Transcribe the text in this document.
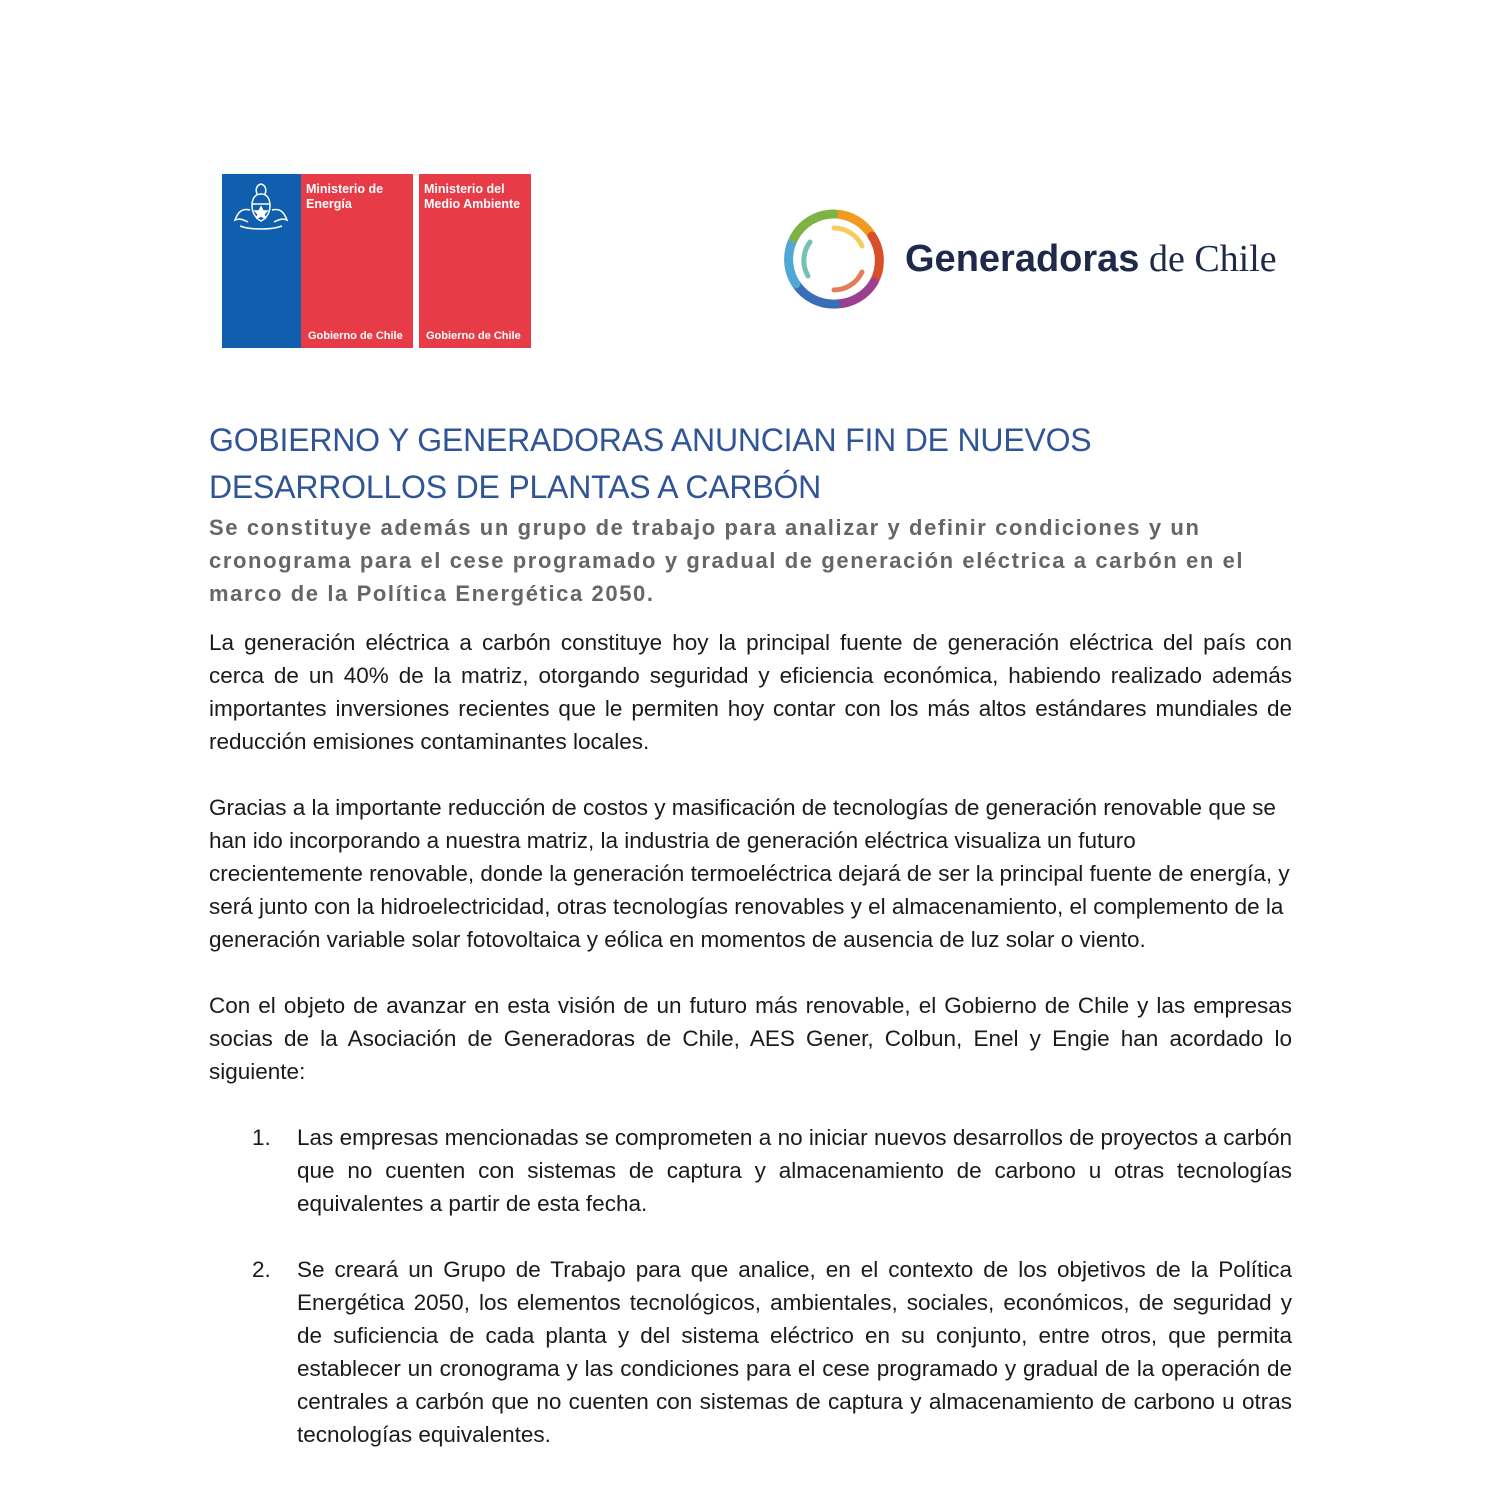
Ministerio de Energía
Gobierno de Chile
Ministerio del Medio Ambiente
Gobierno de Chile
Generadoras de Chile
GOBIERNO Y GENERADORAS ANUNCIAN FIN DE NUEVOS
DESARROLLOS DE PLANTAS A CARBÓN

Se constituye además un grupo de trabajo para analizar y definir condiciones y un cronograma para el cese programado y gradual de generación eléctrica a carbón en el marco de la Política Energética 2050.

La generación eléctrica a carbón constituye hoy la principal fuente de generación eléctrica del país con cerca de un 40% de la matriz, otorgando seguridad y eficiencia económica, habiendo realizado además importantes inversiones recientes que le permiten hoy contar con los más altos estándares mundiales de reducción emisiones contaminantes locales.

Gracias a la importante reducción de costos y masificación de tecnologías de generación renovable que se han ido incorporando a nuestra matriz, la industria de generación eléctrica visualiza un futuro crecientemente renovable, donde la generación termoeléctrica dejará de ser la principal fuente de energía, y será junto con la hidroelectricidad, otras tecnologías renovables y el almacenamiento, el complemento de la generación variable solar fotovoltaica y eólica en momentos de ausencia de luz solar o viento.

Con el objeto de avanzar en esta visión de un futuro más renovable, el Gobierno de Chile y las empresas socias de la Asociación de Generadoras de Chile, AES Gener, Colbun, Enel y Engie han acordado lo siguiente:

1. Las empresas mencionadas se comprometen a no iniciar nuevos desarrollos de proyectos a carbón que no cuenten con sistemas de captura y almacenamiento de carbono u otras tecnologías equivalentes a partir de esta fecha.
2. Se creará un Grupo de Trabajo para que analice, en el contexto de los objetivos de la Política Energética 2050, los elementos tecnológicos, ambientales, sociales, económicos, de seguridad y de suficiencia de cada planta y del sistema eléctrico en su conjunto, entre otros, que permita establecer un cronograma y las condiciones para el cese programado y gradual de la operación de centrales a carbón que no cuenten con sistemas de captura y almacenamiento de carbono u otras tecnologías equivalentes.
